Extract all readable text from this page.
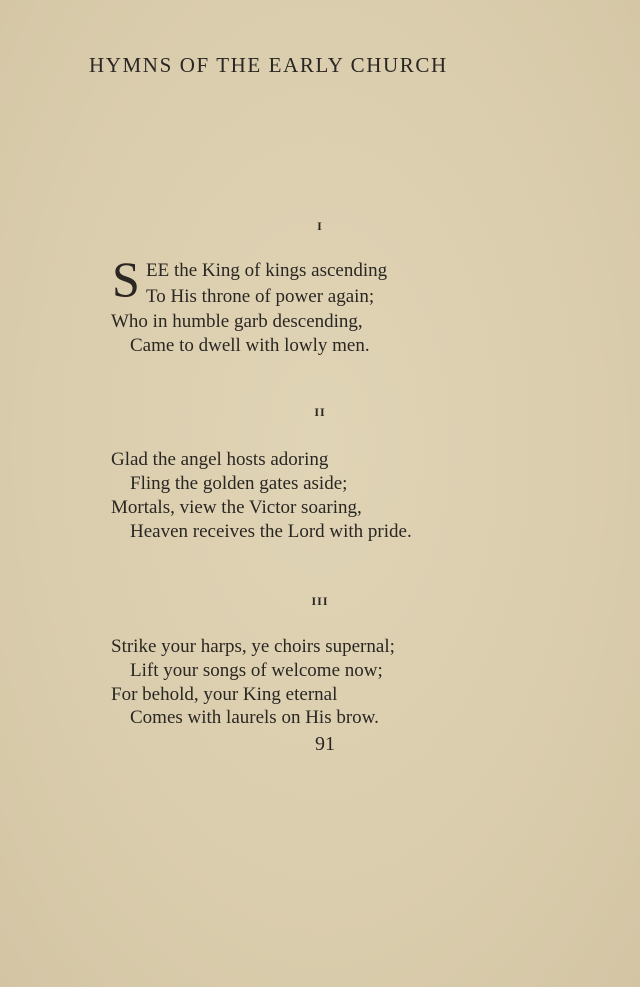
HYMNS OF THE EARLY CHURCH
I
S EE the King of kings ascending
To His throne of power again;
Who in humble garb descending,
Came to dwell with lowly men.
II
Glad the angel hosts adoring
Fling the golden gates aside;
Mortals, view the Victor soaring,
Heaven receives the Lord with pride.
III
Strike your harps, ye choirs supernal;
Lift your songs of welcome now;
For behold, your King eternal
Comes with laurels on His brow.
91
